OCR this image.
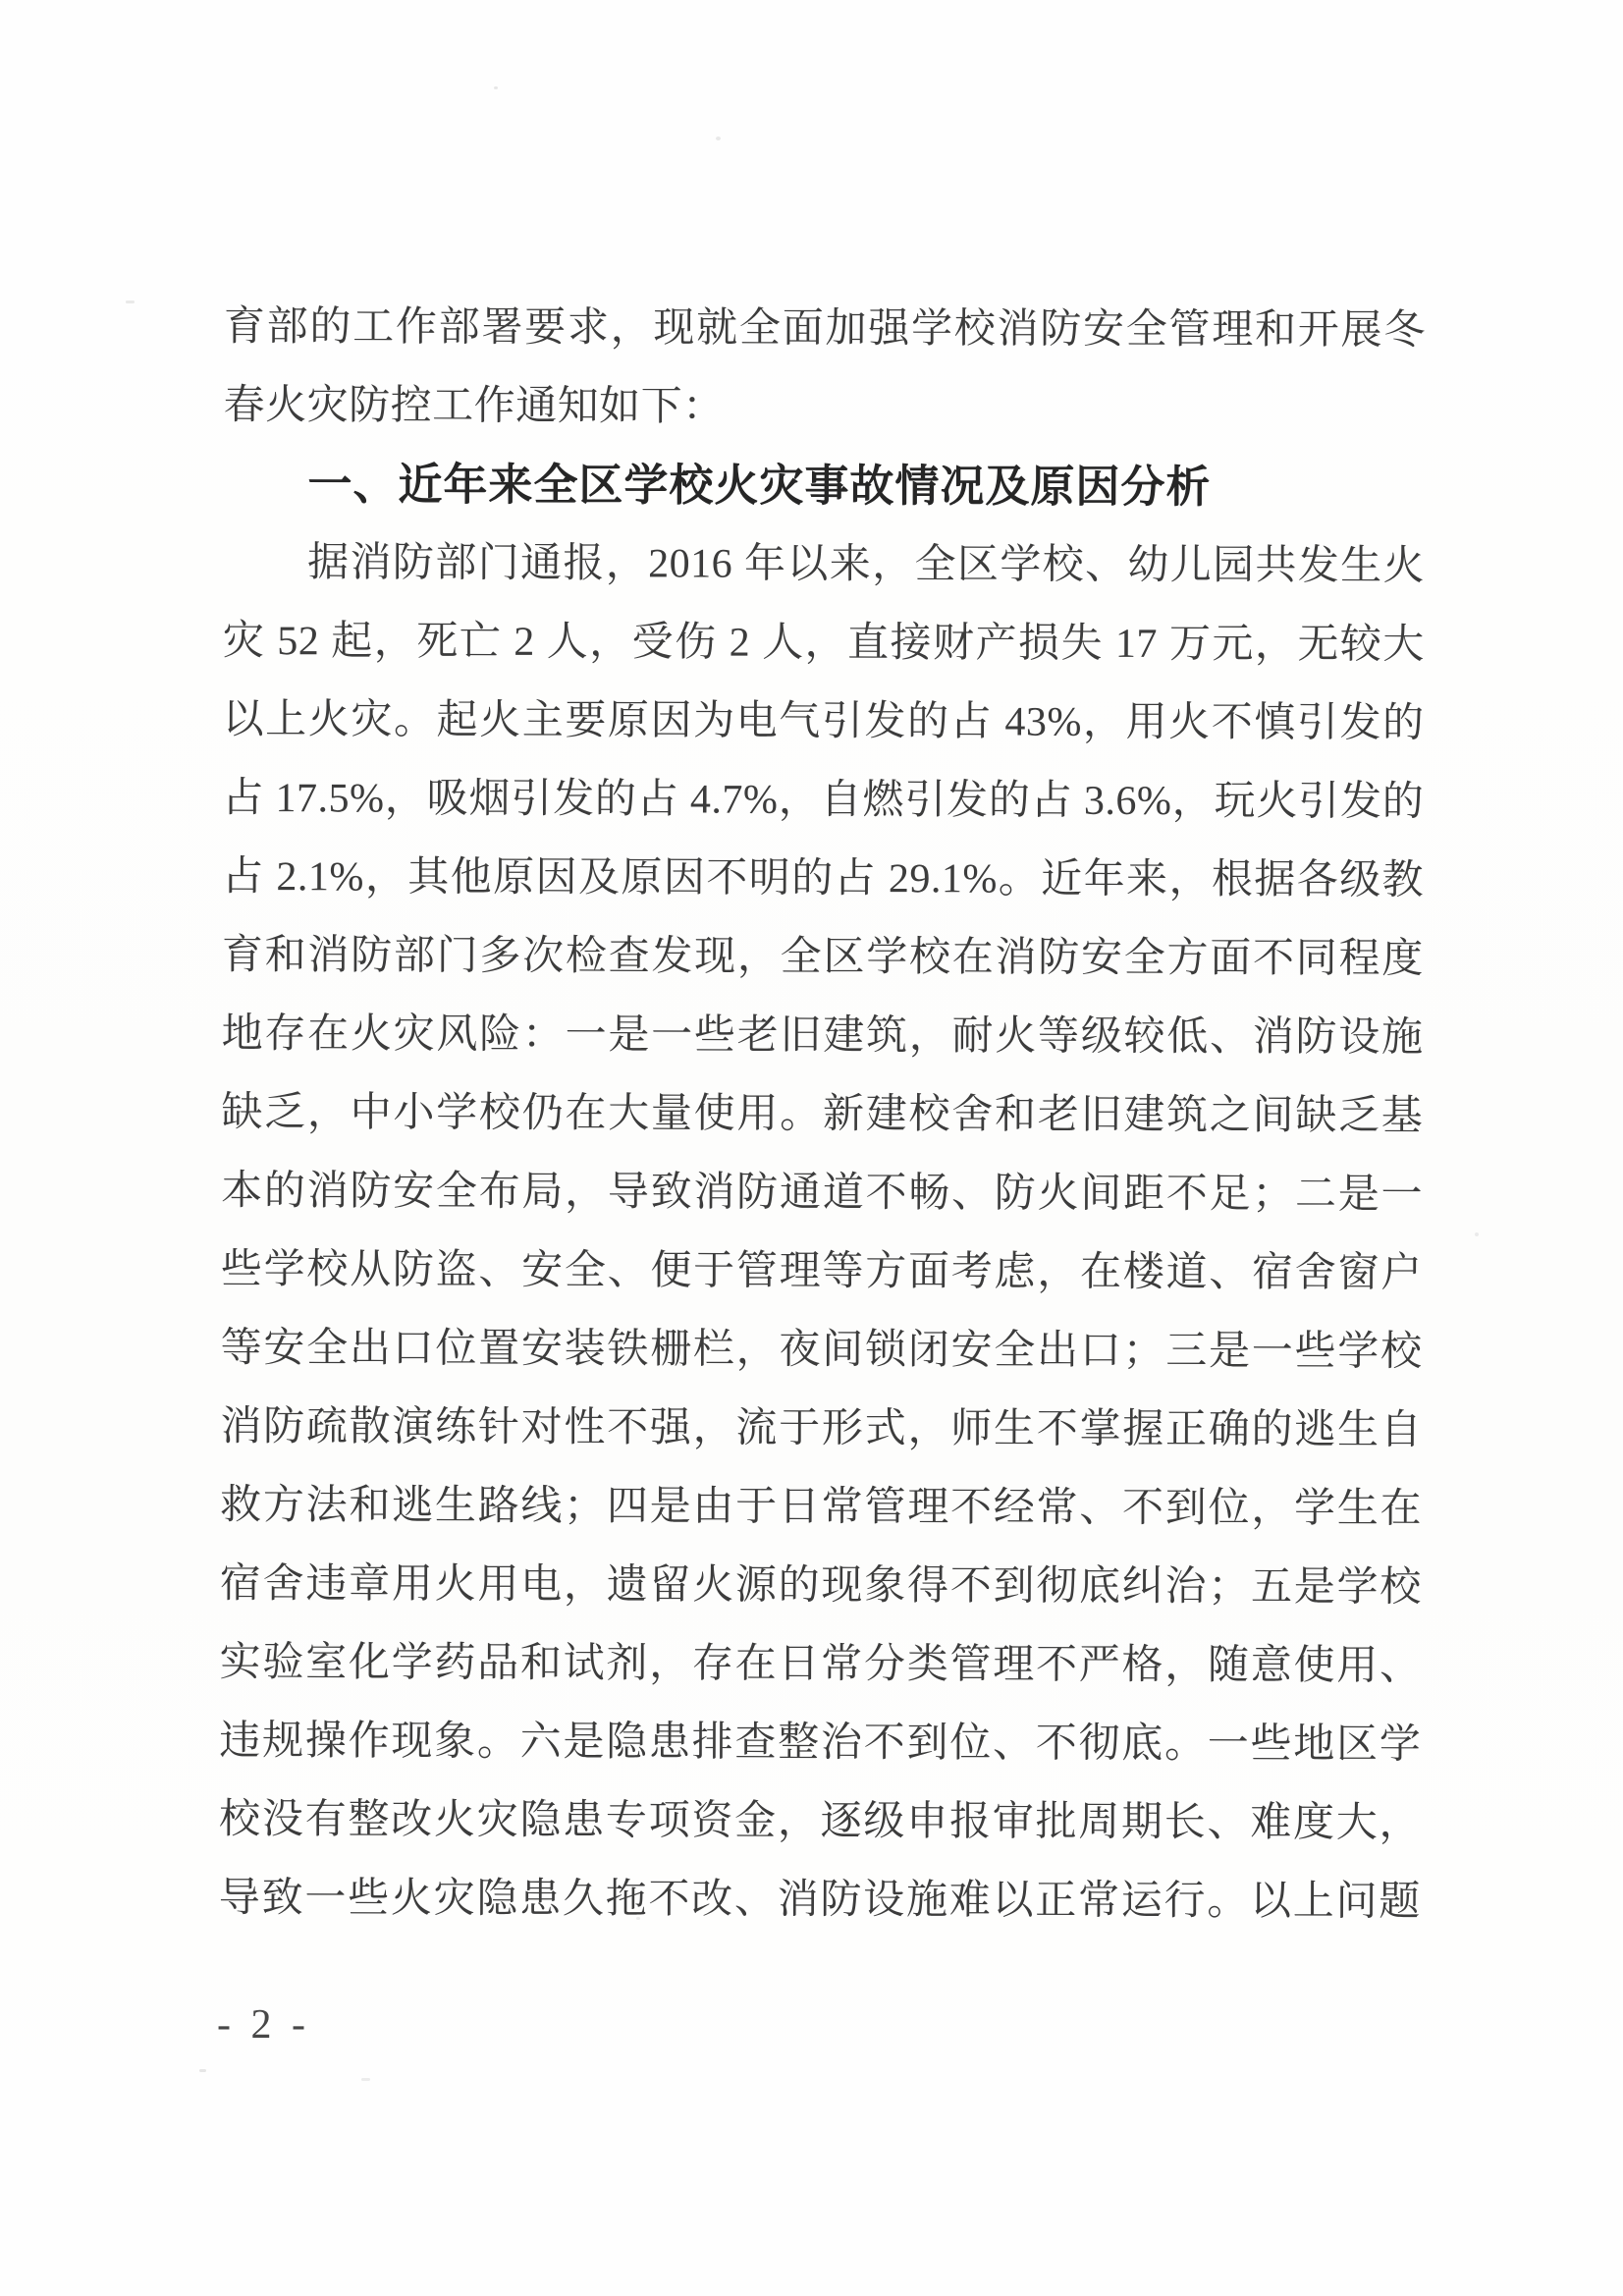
育部的工作部署要求，现就全面加强学校消防安全管理和开展冬
春火灾防控工作通知如下：
一、近年来全区学校火灾事故情况及原因分析
据消防部门通报，2016 年以来，全区学校、幼儿园共发生火
灾 52 起，死亡 2 人，受伤 2 人，直接财产损失 17 万元，无较大
以上火灾。起火主要原因为电气引发的占 43%，用火不慎引发的
占 17.5%，吸烟引发的占 4.7%，自燃引发的占 3.6%，玩火引发的
占 2.1%，其他原因及原因不明的占 29.1%。近年来，根据各级教
育和消防部门多次检查发现，全区学校在消防安全方面不同程度
地存在火灾风险：一是一些老旧建筑，耐火等级较低、消防设施
缺乏，中小学校仍在大量使用。新建校舍和老旧建筑之间缺乏基
本的消防安全布局，导致消防通道不畅、防火间距不足；二是一
些学校从防盗、安全、便于管理等方面考虑，在楼道、宿舍窗户
等安全出口位置安装铁栅栏，夜间锁闭安全出口；三是一些学校
消防疏散演练针对性不强，流于形式，师生不掌握正确的逃生自
救方法和逃生路线；四是由于日常管理不经常、不到位，学生在
宿舍违章用火用电，遗留火源的现象得不到彻底纠治；五是学校
实验室化学药品和试剂，存在日常分类管理不严格，随意使用、
违规操作现象。六是隐患排查整治不到位、不彻底。一些地区学
校没有整改火灾隐患专项资金，逐级申报审批周期长、难度大，
导致一些火灾隐患久拖不改、消防设施难以正常运行。以上问题
- 2 -
